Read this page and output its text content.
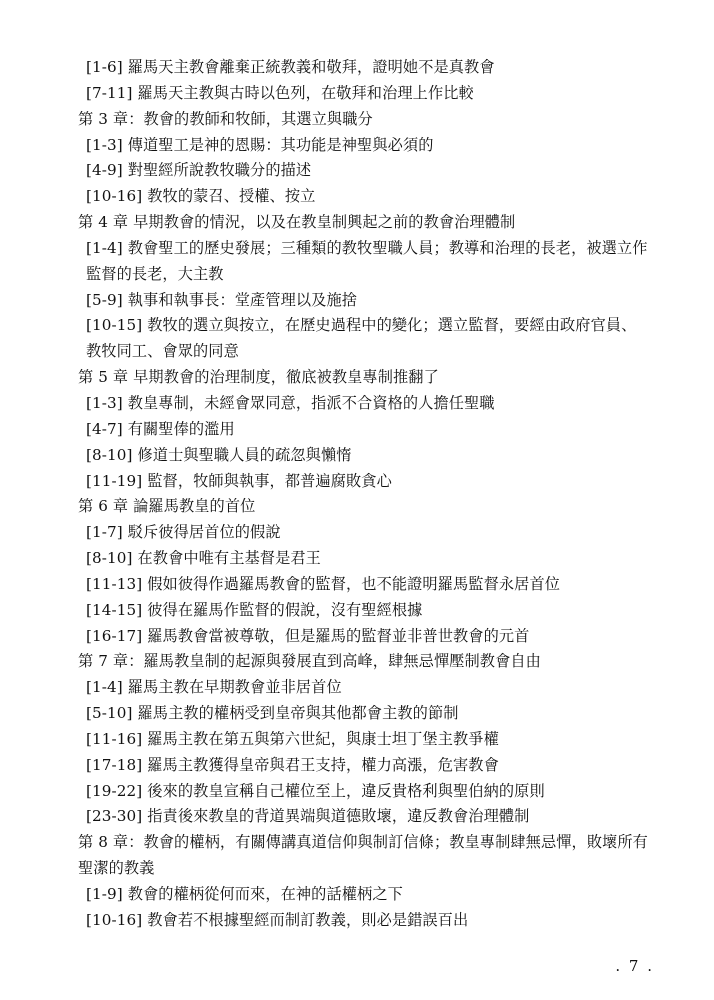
[1-6] 羅馬天主教會離棄正統教義和敬拜，證明她不是真教會
[7-11] 羅馬天主教與古時以色列，在敬拜和治理上作比較
第 3 章：教會的教師和牧師，其選立與職分
[1-3] 傳道聖工是神的恩賜：其功能是神聖與必須的
[4-9] 對聖經所說教牧職分的描述
[10-16] 教牧的蒙召、授權、按立
第 4 章 早期教會的情況，以及在教皇制興起之前的教會治理體制
[1-4] 教會聖工的歷史發展；三種類的教牧聖職人員；教導和治理的長老，被選立作監督的長老，大主教
[5-9] 執事和執事長：堂產管理以及施捨
[10-15] 教牧的選立與按立，在歷史過程中的變化；選立監督，要經由政府官員、教牧同工、會眾的同意
第 5 章 早期教會的治理制度，徹底被教皇專制推翻了
[1-3] 教皇專制，未經會眾同意，指派不合資格的人擔任聖職
[4-7] 有關聖俸的濫用
[8-10] 修道士與聖職人員的疏忽與懶惰
[11-19] 監督，牧師與執事，都普遍腐敗貪心
第 6 章 論羅馬教皇的首位
[1-7] 駁斥彼得居首位的假說
[8-10] 在教會中唯有主基督是君王
[11-13] 假如彼得作過羅馬教會的監督，也不能證明羅馬監督永居首位
[14-15] 彼得在羅馬作監督的假說，沒有聖經根據
[16-17] 羅馬教會當被尊敬，但是羅馬的監督並非普世教會的元首
第 7 章：羅馬教皇制的起源與發展直到高峰，肆無忌憚壓制教會自由
[1-4] 羅馬主教在早期教會並非居首位
[5-10] 羅馬主教的權柄受到皇帝與其他都會主教的節制
[11-16] 羅馬主教在第五與第六世紀，與康士坦丁堡主教爭權
[17-18] 羅馬主教獲得皇帝與君王支持，權力高漲，危害教會
[19-22] 後來的教皇宣稱自己權位至上，違反貴格利與聖伯納的原則
[23-30] 指責後來教皇的背道異端與道德敗壞，違反教會治理體制
第 8 章：教會的權柄，有關傳講真道信仰與制訂信條；教皇專制肆無忌憚，敗壞所有聖潔的教義
[1-9] 教會的權柄從何而來，在神的話權柄之下
[10-16] 教會若不根據聖經而制訂教義，則必是錯誤百出
. 7 .
